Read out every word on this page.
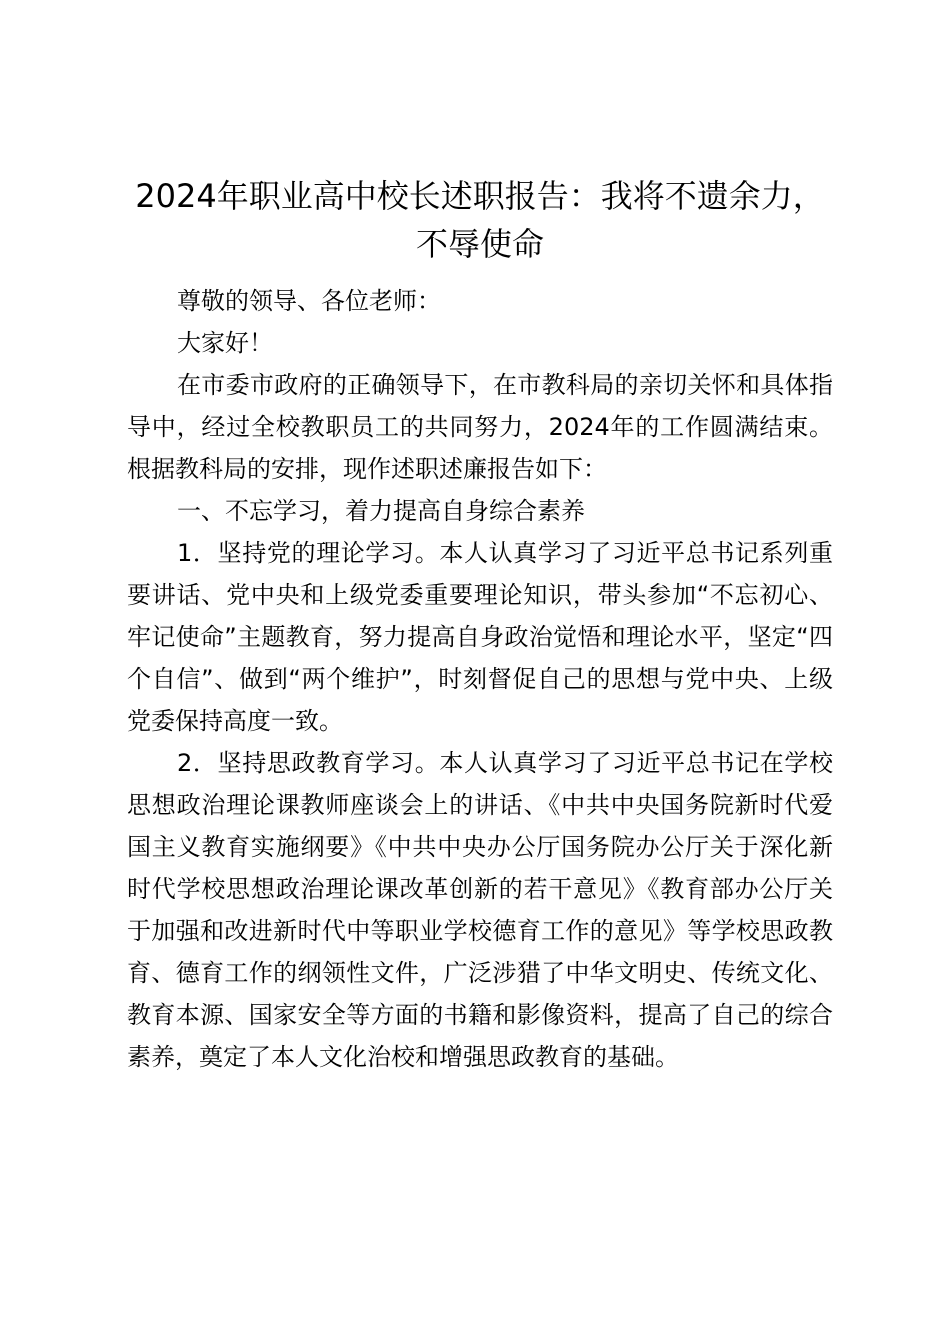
2024年职业高中校长述职报告：我将不遗余力，不辱使命

尊敬的领导、各位老师：

大家好！

在市委市政府的正确领导下，在市教科局的亲切关怀和具体指导中，经过全校教职员工的共同努力，2024年的工作圆满结束。根据教科局的安排，现作述职述廉报告如下：

一、不忘学习，着力提高自身综合素养

1．坚持党的理论学习。本人认真学习了习近平总书记系列重要讲话、党中央和上级党委重要理论知识，带头参加“不忘初心、牢记使命”主题教育，努力提高自身政治觉悟和理论水平，坚定“四个自信”、做到“两个维护”，时刻督促自己的思想与党中央、上级党委保持高度一致。

2．坚持思政教育学习。本人认真学习了习近平总书记在学校思想政治理论课教师座谈会上的讲话、《中共中央国务院新时代爱国主义教育实施纲要》《中共中央办公厅国务院办公厅关于深化新时代学校思想政治理论课改革创新的若干意见》《教育部办公厅关于加强和改进新时代中等职业学校德育工作的意见》等学校思政教育、德育工作的纲领性文件，广泛涉猎了中华文明史、传统文化、教育本源、国家安全等方面的书籍和影像资料，提高了自己的综合素养，奠定了本人文化治校和增强思政教育的基础。
